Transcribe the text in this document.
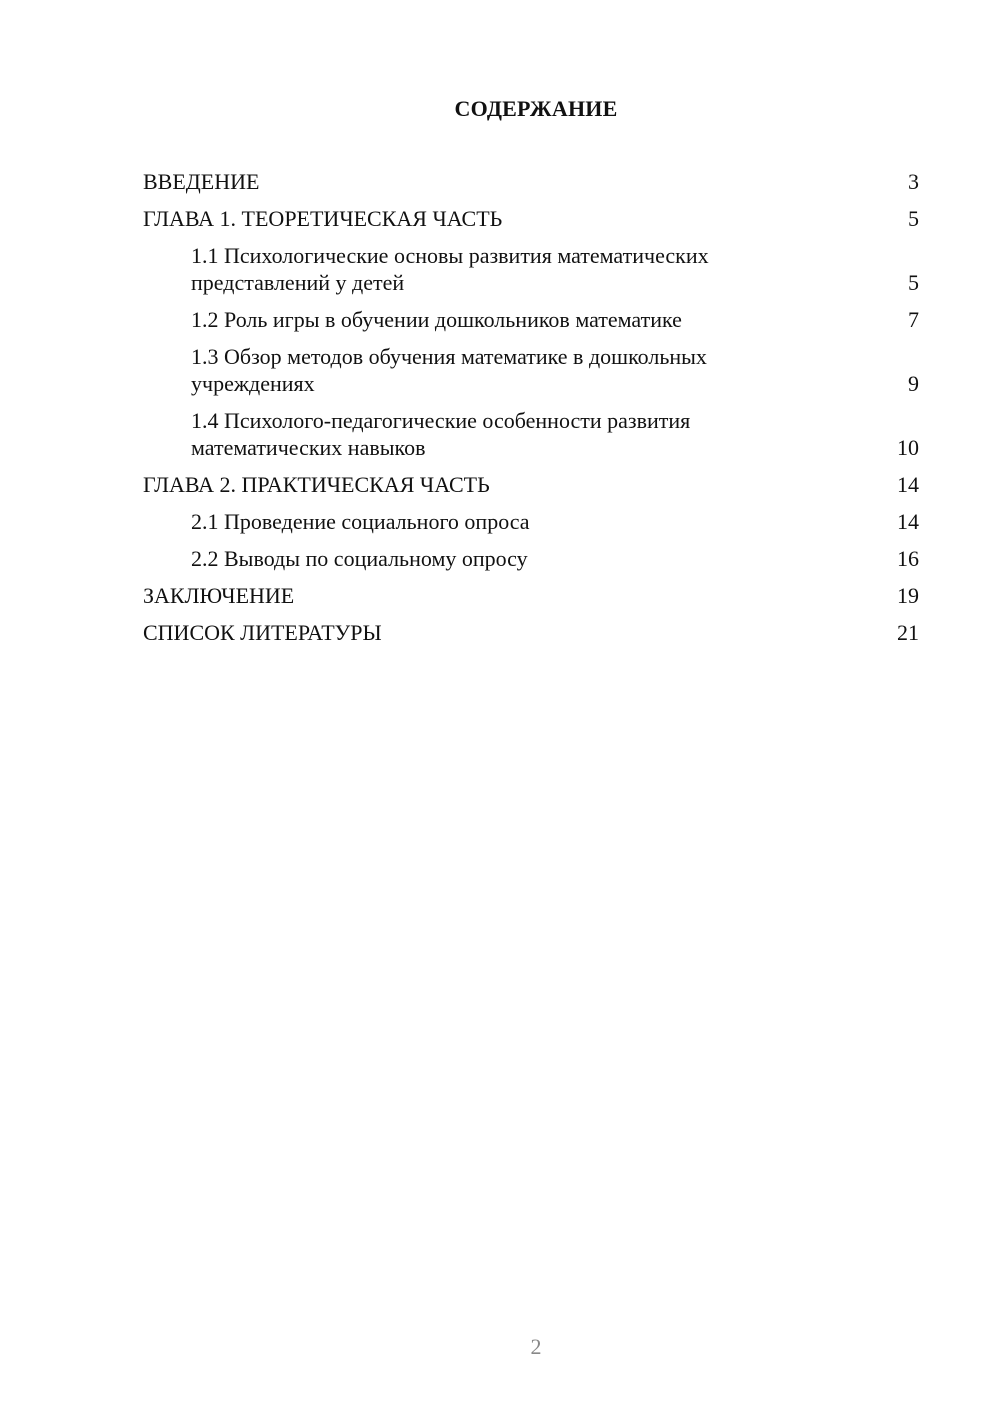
СОДЕРЖАНИЕ
ВВЕДЕНИЕ	3
ГЛАВА 1. ТЕОРЕТИЧЕСКАЯ ЧАСТЬ	5
1.1 Психологические основы развития математических представлений у детей	5
1.2 Роль игры в обучении дошкольников математике	7
1.3 Обзор методов обучения математике в дошкольных учреждениях	9
1.4 Психолого-педагогические особенности развития математических навыков	10
ГЛАВА 2. ПРАКТИЧЕСКАЯ ЧАСТЬ	14
2.1 Проведение социального опроса	14
2.2 Выводы по социальному опросу	16
ЗАКЛЮЧЕНИЕ	19
СПИСОК ЛИТЕРАТУРЫ	21
2
